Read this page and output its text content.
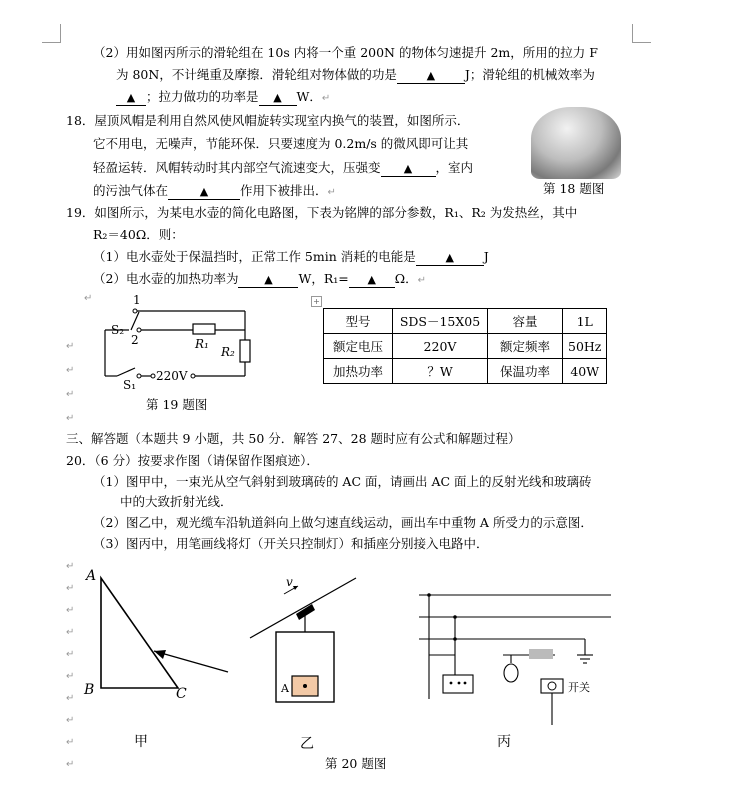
（2）用如图丙所示的滑轮组在 10s 内将一个重 200N 的物体匀速提升 2m，所用的拉力 F
为 80N，不计绳重及摩擦．滑轮组对物体做的功是	▲ J；滑轮组的机械效率为
▲ ；拉力做功的功率是 ▲ W．↵
18．屋顶风帽是利用自然风使风帽旋转实现室内换气的装置，如图所示．
它不用电，无噪声，节能环保．只要速度为 0.2m/s 的微风即可让其
轻盈运转．风帽转动时其内部空气流速变大，压强变 ▲ ，室内
的污浊气体在	▲	作用下被排出．↵	第 18 题图
19．如图所示，为某电水壶的简化电路图，下表为铭牌的部分参数，R₁、R₂ 为发热丝，其中
R₂＝40Ω．则：
（1）电水壶处于保温挡时，正常工作 5min 消耗的电能是	▲ J
（2）电水壶的加热功率为 ▲ W，R₁= ▲ Ω．↵
1
S₂
2	R₁
R₂
S₁
220V
第 19 题图
↵
↵
↵
↵
↵
+
型号	SDS－15X05	容量	1L
额定电压	220V	额定频率	50Hz
加热功率	？W	保温功率	40W
三、解答题（本题共 9 小题，共 50 分．解答 27、28 题时应有公式和解题过程）
20．（6 分）按要求作图（请保留作图痕迹）．
（1）图甲中，一束光从空气斜射到玻璃砖的 AC 面，请画出 AC 面上的反射光线和玻璃砖
中的大致折射光线．
（2）图乙中，观光缆车沿轨道斜向上做匀速直线运动，画出车中重物 A 所受力的示意图．
（3）图丙中，用笔画线将灯（开关只控制灯）和插座分别接入电路中．
↵
↵
↵
↵
↵
↵
↵
↵
↵
↵
A
B	C
v
A	开关
甲	乙	丙
第 20 题图
